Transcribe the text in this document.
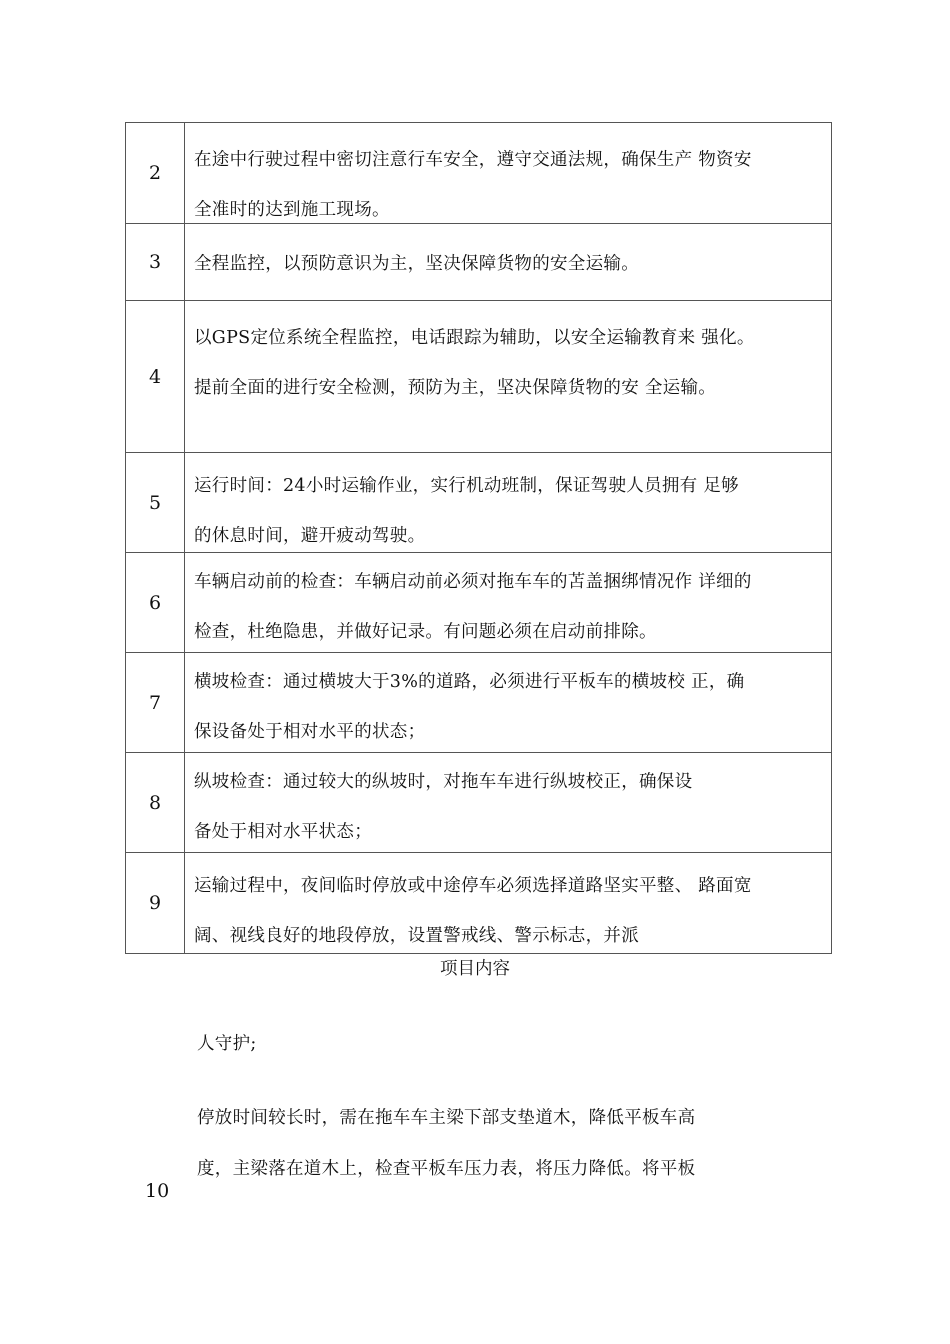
2
在途中行驶过程中密切注意行车安全，遵守交通法规，确保生产 物资安
全准时的达到施工现场。
3	全程监控，以预防意识为主，坚决保障货物的安全运输。
4
以GPS定位系统全程监控，电话跟踪为辅助，以安全运输教育来 强化。
提前全面的进行安全检测，预防为主，坚决保障货物的安 全运输。
5
运行时间：24小时运输作业，实行机动班制，保证驾驶人员拥有 足够
的休息时间，避开疲动驾驶。
6
车辆启动前的检查：车辆启动前必须对拖车车的苫盖捆绑情况作 详细的
检查，杜绝隐患，并做好记录。有问题必须在启动前排除。
7
横坡检查：通过横坡大于3%的道路，必须进行平板车的横坡校 正，确
保设备处于相对水平的状态；
8
纵坡检查：通过较大的纵坡时，对拖车车进行纵坡校正，确保设
备处于相对水平状态；
9
运输过程中，夜间临时停放或中途停车必须选择道路坚实平整、 路面宽
阔、视线良好的地段停放，设置警戒线、警示标志，并派
项目内容
人守护;
停放时间较长时，需在拖车车主梁下部支垫道木，降低平板车高
度，主梁落在道木上，检查平板车压力表，将压力降低。将平板
10
